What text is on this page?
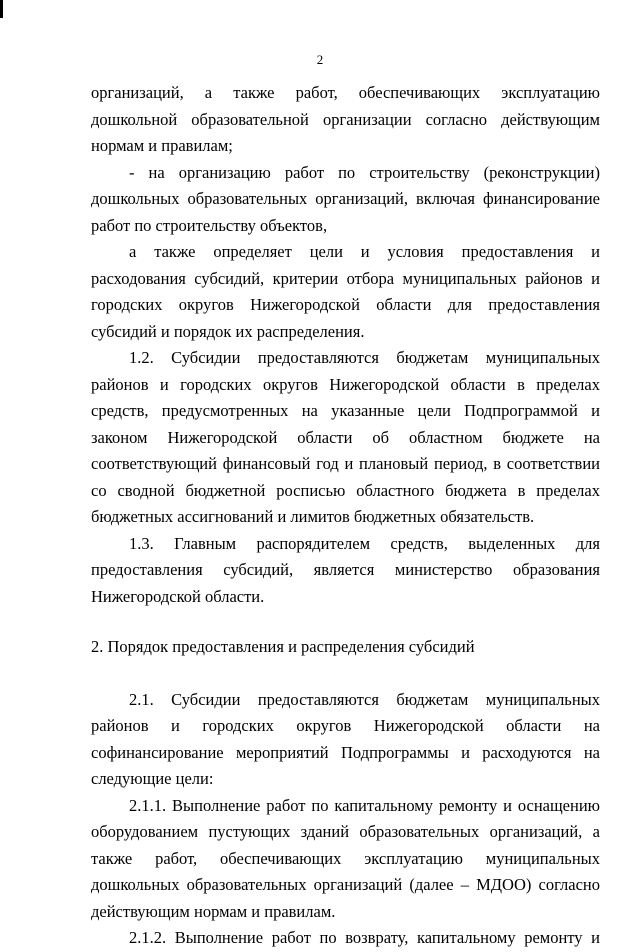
2

организаций, а также работ, обеспечивающих эксплуатацию дошкольной образовательной организации согласно действующим нормам и правилам;

- на организацию работ по строительству (реконструкции) дошкольных образовательных организаций, включая финансирование работ по строительству объектов,

а также определяет цели и условия предоставления и расходования субсидий, критерии отбора муниципальных районов и городских округов Нижегородской области для предоставления субсидий и порядок их распределения.

1.2. Субсидии предоставляются бюджетам муниципальных районов и городских округов Нижегородской области в пределах средств, предусмотренных на указанные цели Подпрограммой и законом Нижегородской области об областном бюджете на соответствующий финансовый год и плановый период, в соответствии со сводной бюджетной росписью областного бюджета в пределах бюджетных ассигнований и лимитов бюджетных обязательств.

1.3. Главным распорядителем средств, выделенных для предоставления субсидий, является министерство образования Нижегородской области.

2. Порядок предоставления и распределения субсидий

2.1. Субсидии предоставляются бюджетам муниципальных районов и городских округов Нижегородской области на софинансирование мероприятий Подпрограммы и расходуются на следующие цели:

2.1.1. Выполнение работ по капитальному ремонту и оснащению оборудованием пустующих зданий образовательных организаций, а также работ, обеспечивающих эксплуатацию муниципальных дошкольных образовательных организаций (далее – МДОО) согласно действующим нормам и правилам.

2.1.2. Выполнение работ по возврату, капитальному ремонту и
